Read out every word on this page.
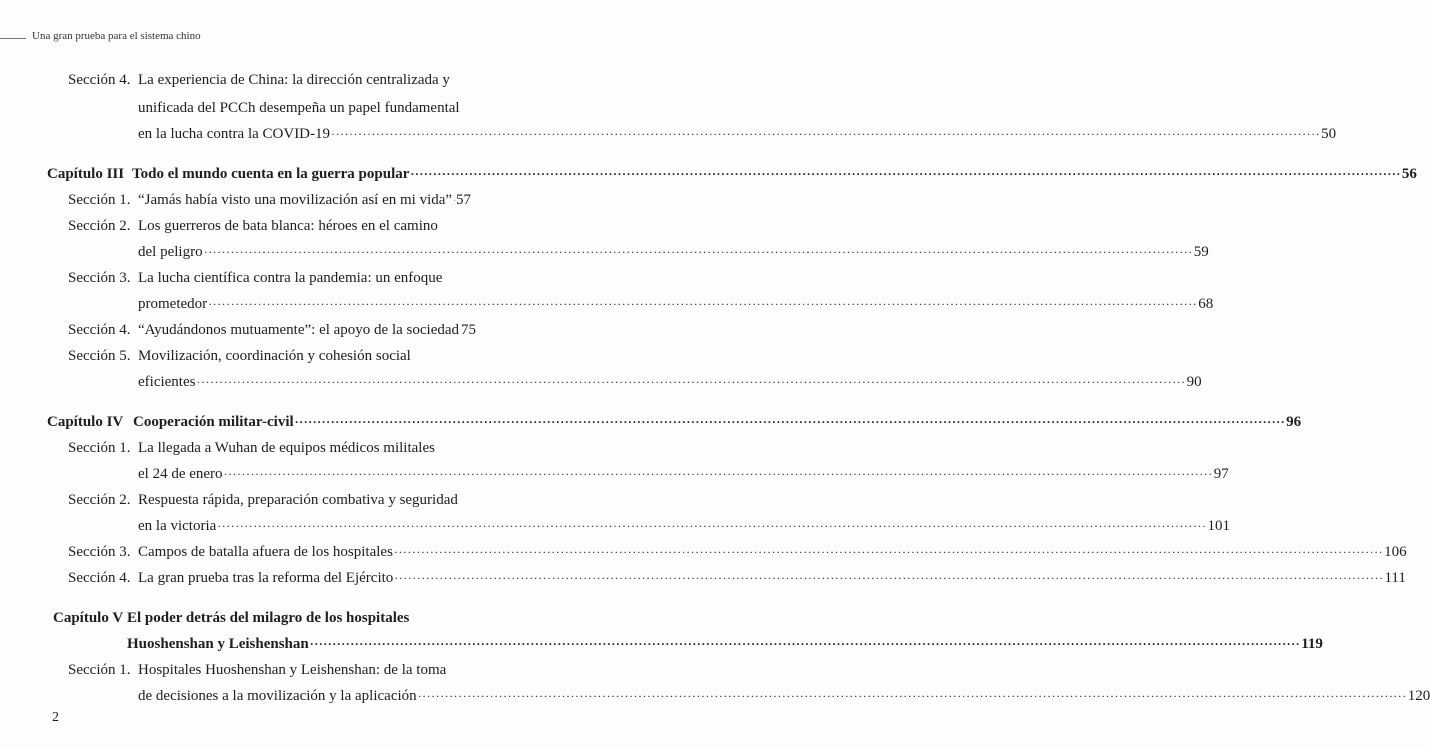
Una gran prueba para el sistema chino
Sección 4. La experiencia de China: la dirección centralizada y
unificada del PCCh desempeña un papel fundamental
en la lucha contra la COVID-19 ···························································································································································································································· 50
Capítulo III Todo el mundo cuenta en la guerra popular ···························································································································································································································· 56
Sección 1. “Jamás había visto una movilización así en mi vida” 57
Sección 2. Los guerreros de bata blanca: héroes en el camino
del peligro ···························································································································································································································· 59
Sección 3. La lucha científica contra la pandemia: un enfoque
prometedor ···························································································································································································································· 68
Sección 4. “Ayudándonos mutuamente”: el apoyo de la sociedad 75
Sección 5. Movilización, coordinación y cohesión social
eficientes ···························································································································································································································· 90
Capítulo IV Cooperación militar-civil ···························································································································································································································· 96
Sección 1. La llegada a Wuhan de equipos médicos militales
el 24 de enero ···························································································································································································································· 97
Sección 2. Respuesta rápida, preparación combativa y seguridad
en la victoria ···························································································································································································································· 101
Sección 3. Campos de batalla afuera de los hospitales ···························································································································································································································· 106
Sección 4. La gran prueba tras la reforma del Ejército ···························································································································································································································· 111
Capítulo V El poder detrás del milagro de los hospitales
Huoshenshan y Leishenshan ···························································································································································································································· 119
Sección 1. Hospitales Huoshenshan y Leishenshan: de la toma
de decisiones a la movilización y la aplicación ···························································································································································································································· 120
2
